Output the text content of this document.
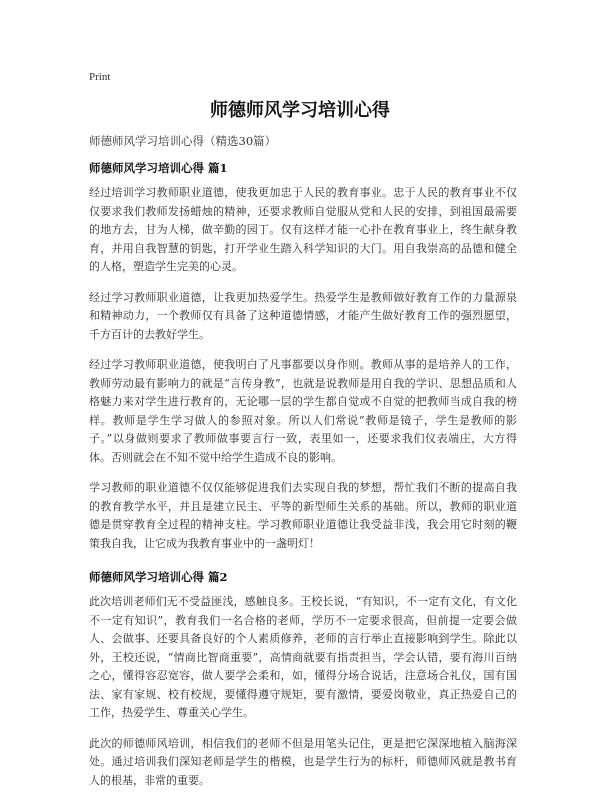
Print
师德师风学习培训心得
师德师风学习培训心得（精选30篇）
师德师风学习培训心得 篇1

经过培训学习教师职业道德，使我更加忠于人民的教育事业。忠于人民的教育事业不仅仅要求我们教师发扬蜡烛的精神，还要求教师自觉服从党和人民的安排，到祖国最需要的地方去，甘为人梯，做辛勤的园丁。仅有这样才能一心扑在教育事业上，终生献身教育，并用自我智慧的钥匙，打开学业生踏入科学知识的大门。用自我崇高的品德和健全的人格，塑造学生完美的心灵。

经过学习教师职业道德，让我更加热爱学生。热爱学生是教师做好教育工作的力量源泉和精神动力，一个教师仅有具备了这种道德情感，才能产生做好教育工作的强烈愿望，千方百计的去教好学生。

经过学习教师职业道德，使我明白了凡事都要以身作则。教师从事的是培养人的工作，教师劳动最有影响力的就是“言传身教”，也就是说教师是用自我的学识、思想品质和人格魅力来对学生进行教育的，无论哪一层的学生都自觉或不自觉的把教师当成自我的榜样。教师是学生学习做人的参照对象。所以人们常说“教师是镜子，学生是教师的影子。”以身做则要求了教师做事要言行一致，表里如一，还要求我们仪表端庄，大方得体。否则就会在不知不觉中给学生造成不良的影响。

学习教师的职业道德不仅仅能够促进我们去实现自我的梦想，帮忙我们不断的提高自我的教育教学水平，并且是建立民主、平等的新型师生关系的基础。所以，教师的职业道德是贯穿教育全过程的精神支柱。学习教师职业道德让我受益非浅，我会用它时刻的鞭策我自我，让它成为我教育事业中的一盏明灯！

师德师风学习培训心得 篇2

此次培训老师们无不受益匪浅，感触良多。王校长说，“有知识，不一定有文化，有文化不一定有知识”，教育我们一名合格的老师，学历不一定要求很高，但前提一定要会做人、会做事、还要具备良好的个人素质修养，老师的言行举止直接影响到学生。除此以外，王校还说，“情商比智商重要”，高情商就要有指责担当，学会认错，要有海川百纳之心，懂得容忍宽容，做人要学会柔和，如，懂得分场合说话，注意场合礼仪，国有国法、家有家规、校有校规，要懂得遵守规矩，要有激情，要爱岗敬业，真正热爱自己的工作，热爱学生、尊重关心学生。

此次的师德师风培训，相信我们的老师不但是用笔头记住，更是把它深深地植入脑海深处。通过培训我们深知老师是学生的楷模，也是学生行为的标杆，师德师风就是教书育人的根基，非常的重要。
